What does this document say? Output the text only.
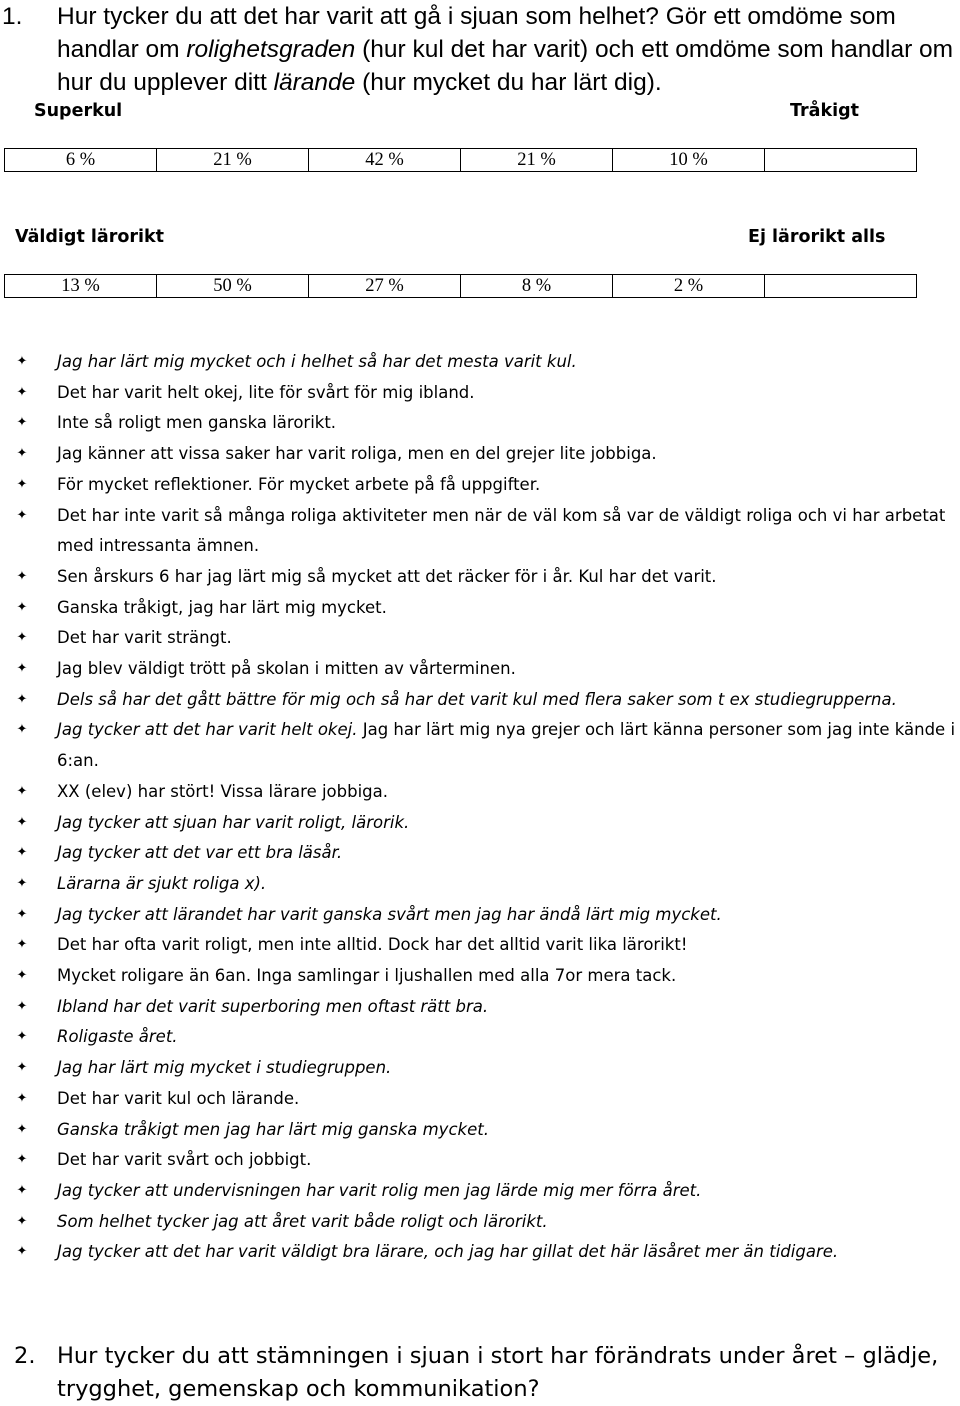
1. Hur tycker du att det har varit att gå i sjuan som helhet? Gör ett omdöme som handlar om rolighetsgraden (hur kul det har varit) och ett omdöme som handlar om hur du upplever ditt lärande (hur mycket du har lärt dig).
Superkul	Tråkigt
6 %	21 %	42 %	21 %	10 %	
Väldigt lärorikt	Ej lärorikt alls
13 %	50 %	27 %	8 %	2 %	
✦ Jag har lärt mig mycket och i helhet så har det mesta varit kul.
✦ Det har varit helt okej, lite för svårt för mig ibland.
✦ Inte så roligt men ganska lärorikt.
✦ Jag känner att vissa saker har varit roliga, men en del grejer lite jobbiga.
✦ För mycket reflektioner. För mycket arbete på få uppgifter.
✦ Det har inte varit så många roliga aktiviteter men när de väl kom så var de väldigt roliga och vi har arbetat med intressanta ämnen.
✦ Sen årskurs 6 har jag lärt mig så mycket att det räcker för i år. Kul har det varit.
✦ Ganska tråkigt, jag har lärt mig mycket.
✦ Det har varit strängt.
✦ Jag blev väldigt trött på skolan i mitten av vårterminen.
✦ Dels så har det gått bättre för mig och så har det varit kul med flera saker som t ex studiegrupperna.
✦ Jag tycker att det har varit helt okej. Jag har lärt mig nya grejer och lärt känna personer som jag inte kände i 6:an.
✦ XX (elev) har stört! Vissa lärare jobbiga.
✦ Jag tycker att sjuan har varit roligt, lärorik.
✦ Jag tycker att det var ett bra läsår.
✦ Lärarna är sjukt roliga x).
✦ Jag tycker att lärandet har varit ganska svårt men jag har ändå lärt mig mycket.
✦ Det har ofta varit roligt, men inte alltid. Dock har det alltid varit lika lärorikt!
✦ Mycket roligare än 6an. Inga samlingar i ljushallen med alla 7or mera tack.
✦ Ibland har det varit superboring men oftast rätt bra.
✦ Roligaste året.
✦ Jag har lärt mig mycket i studiegruppen.
✦ Det har varit kul och lärande.
✦ Ganska tråkigt men jag har lärt mig ganska mycket.
✦ Det har varit svårt och jobbigt.
✦ Jag tycker att undervisningen har varit rolig men jag lärde mig mer förra året.
✦ Som helhet tycker jag att året varit både roligt och lärorikt.
✦ Jag tycker att det har varit väldigt bra lärare, och jag har gillat det här läsåret mer än tidigare.
2. Hur tycker du att stämningen i sjuan i stort har förändrats under året – glädje, trygghet, gemenskap och kommunikation?
